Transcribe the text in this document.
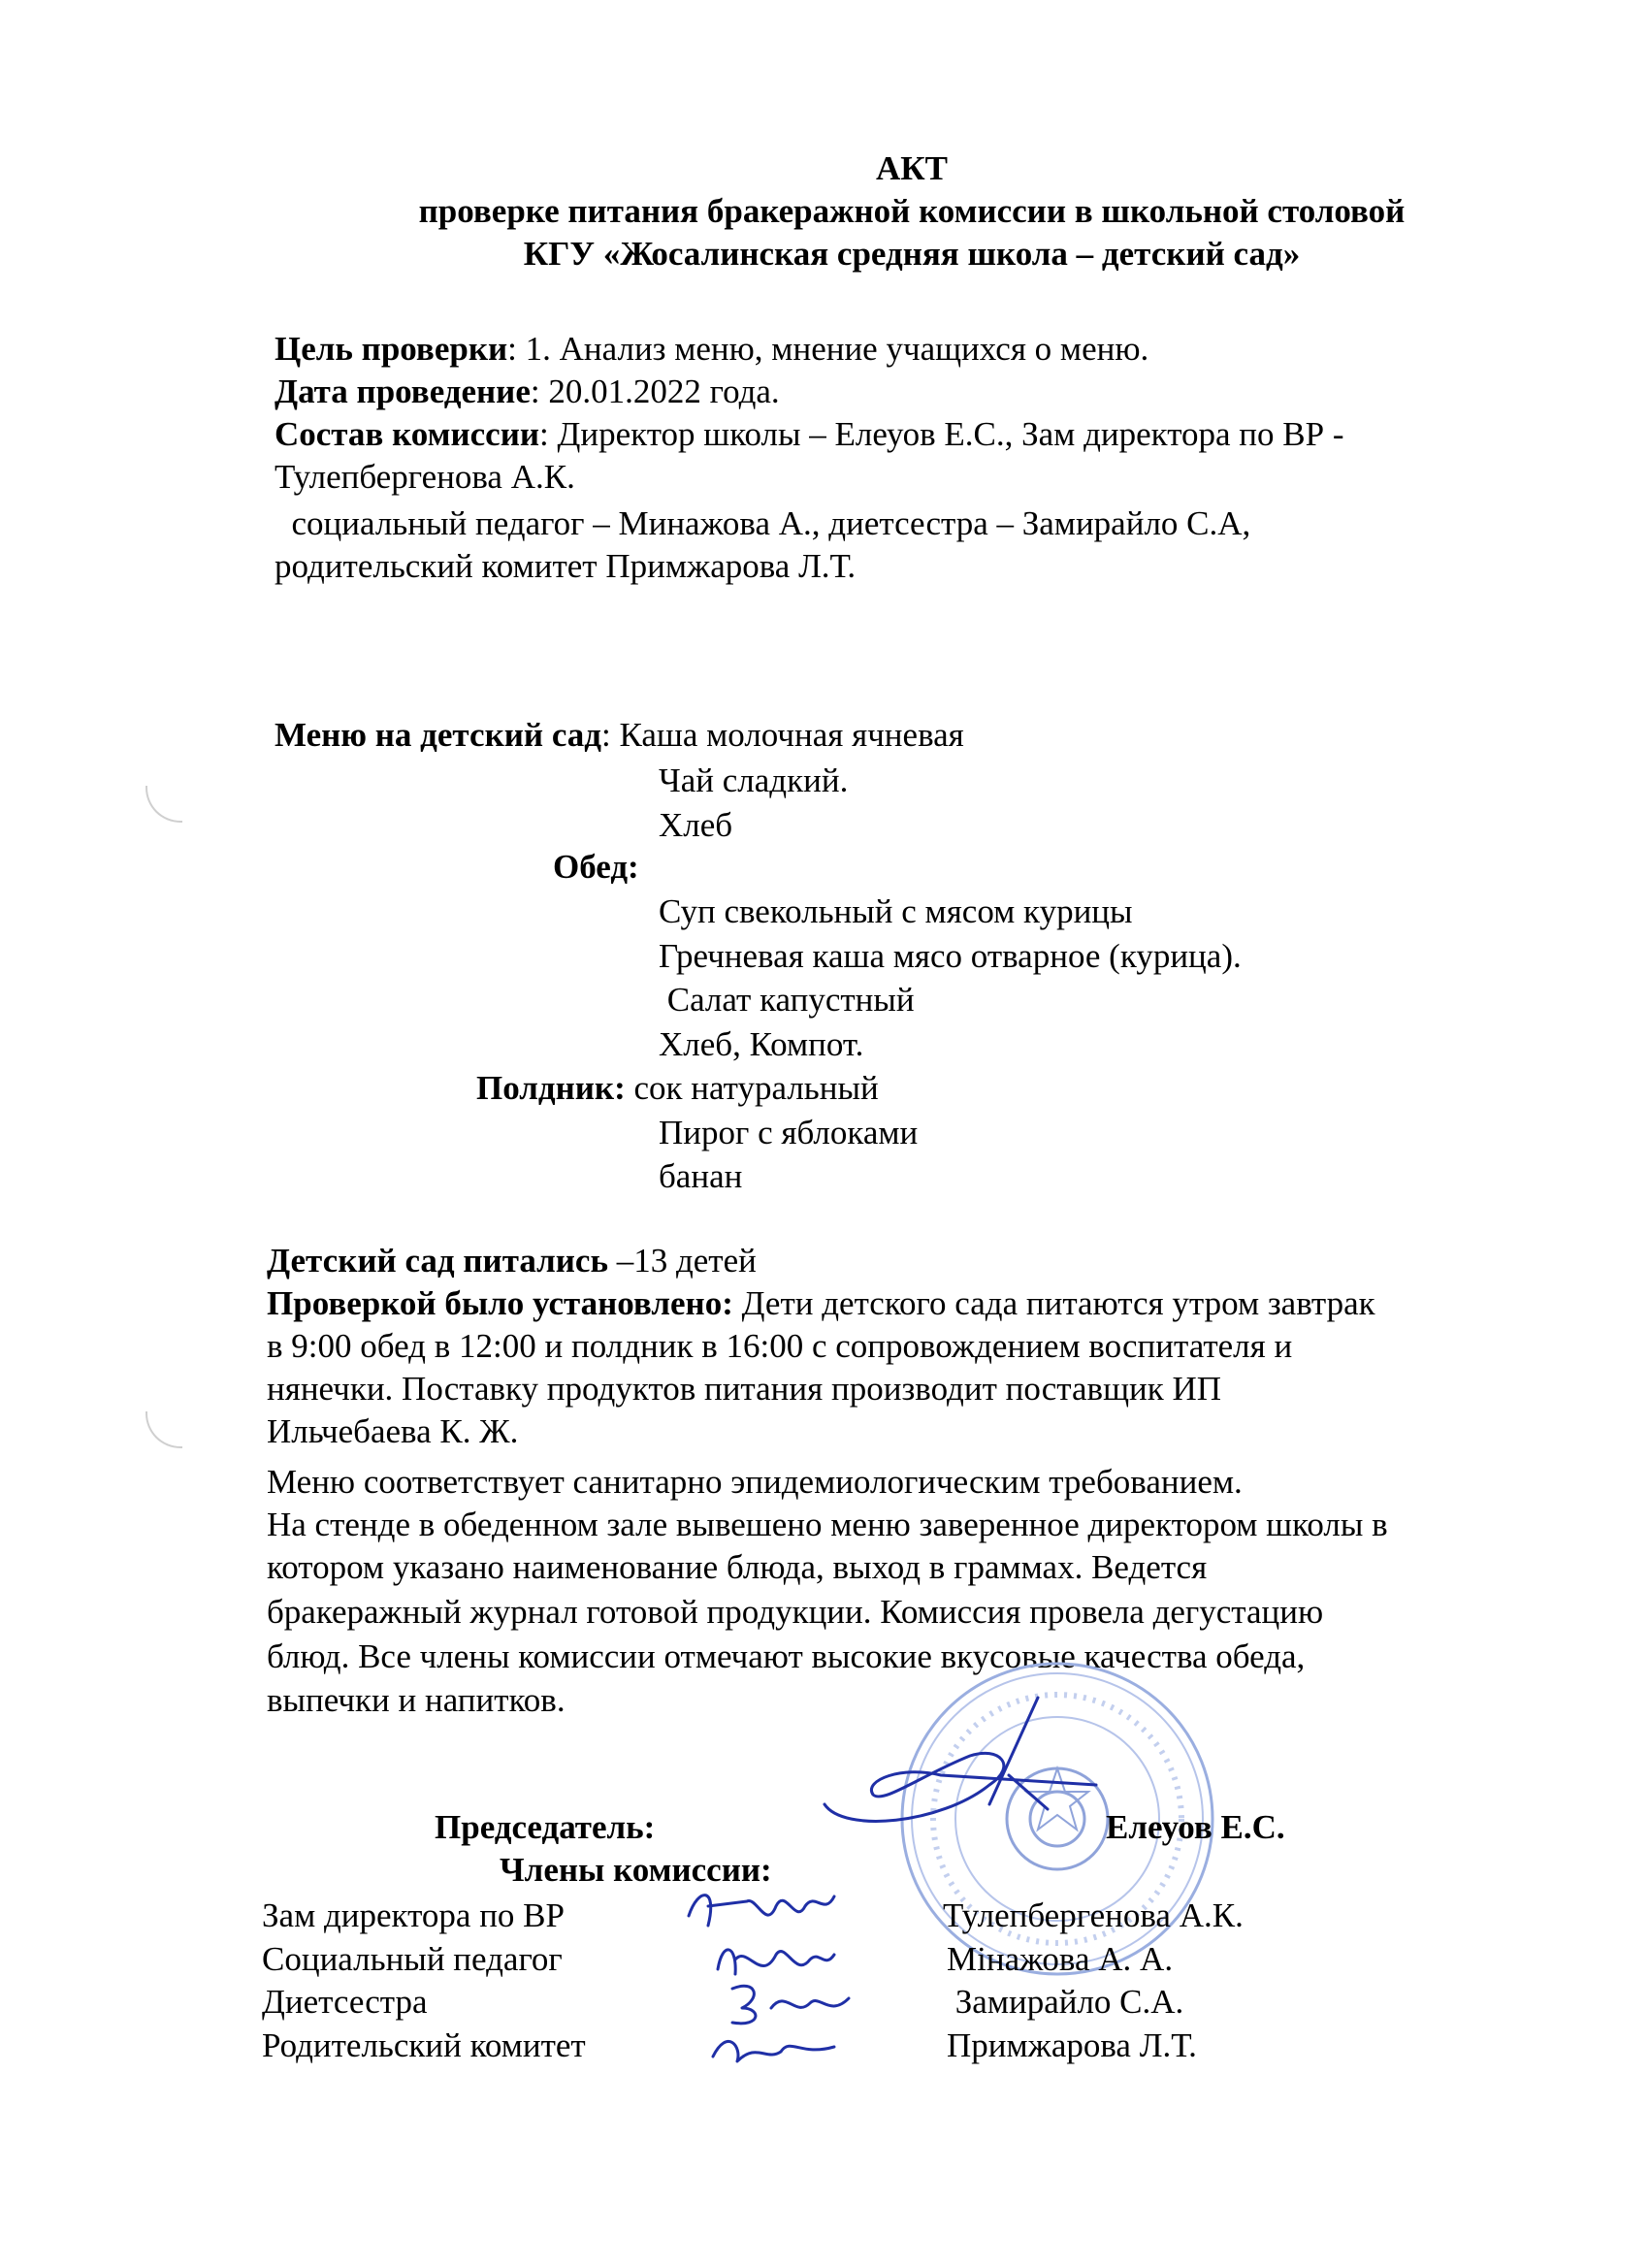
АКТ
проверке питания бракеражной комиссии в школьной столовой
КГУ «Жосалинская средняя школа – детский сад»
Цель проверки: 1. Анализ меню, мнение учащихся о меню.
Дата проведение: 20.01.2022 года.
Состав комиссии: Директор школы – Елеуов Е.С., Зам директора по ВР -
Тулепбергенова А.К.
социальный педагог – Минажова А., диетсестра – Замирайло С.А,
родительский комитет Примжарова Л.Т.
Меню на детский сад: Каша молочная ячневая
Чай сладкий.
Хлеб
Обед:
Суп свекольный с мясом курицы
Гречневая каша мясо отварное (курица).
Салат капустный
Хлеб, Компот.
Полдник: сок натуральный
Пирог с яблоками
банан
Детский сад питались –13 детей
Проверкой было установлено: Дети детского сада питаются утром завтрак
в 9:00 обед в 12:00 и полдник в 16:00 с сопровождением воспитателя и
нянечки. Поставку продуктов питания производит поставщик ИП
Ильчебаева К. Ж.
Меню соответствует санитарно эпидемиологическим требованием.
На стенде в обеденном зале вывешено меню заверенное директором школы в
котором указано наименование блюда, выход в граммах. Ведется
бракеражный журнал готовой продукции. Комиссия провела дегустацию
блюд. Все члены комиссии отмечают высокие вкусовые качества обеда,
выпечки и напитков.
Председатель:	Елеуов Е.С.
Члены комиссии:
Зам директора по ВР	Тулепбергенова А.К.
Социальный педагог	Мінажова А. А.
Диетсестра	Замирайло С.А.
Родительский комитет	Примжарова Л.Т.
